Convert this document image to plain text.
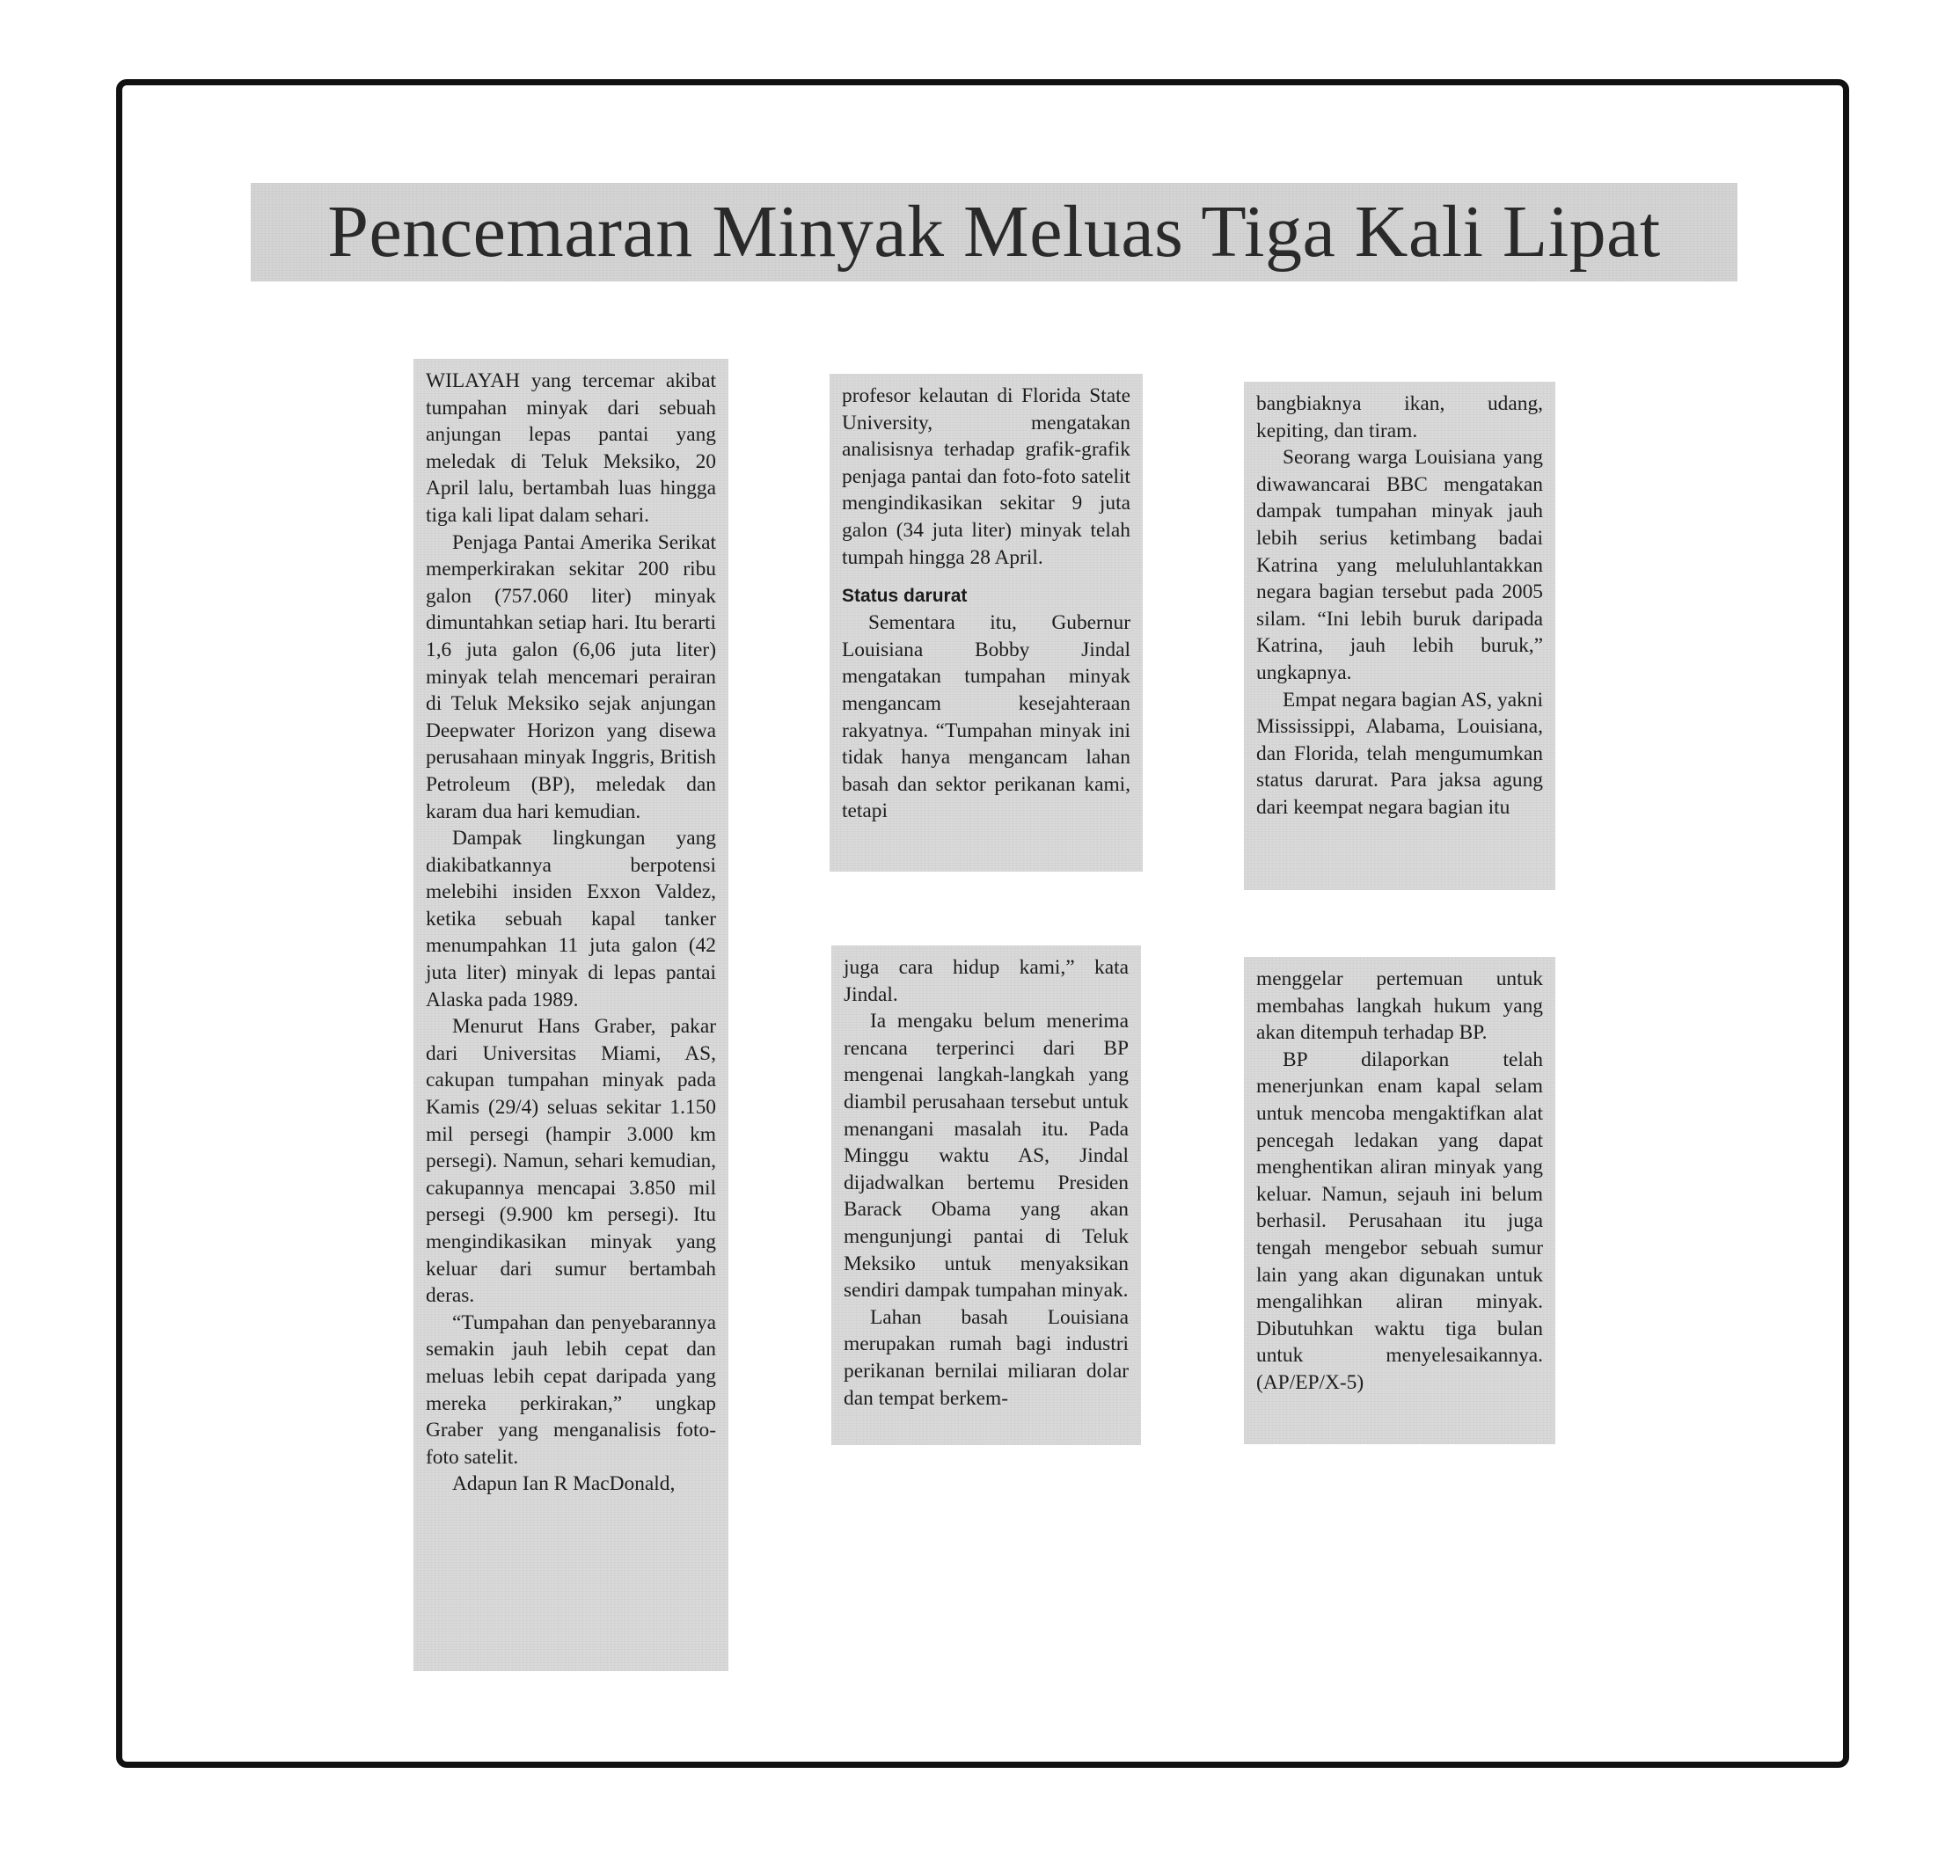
Pencemaran Minyak Meluas Tiga Kali Lipat

WILAYAH yang tercemar akibat tumpahan minyak dari sebuah anjungan lepas pantai yang meledak di Teluk Meksiko, 20 April lalu, bertambah luas hingga tiga kali lipat dalam sehari.

Penjaga Pantai Amerika Serikat memperkirakan sekitar 200 ribu galon (757.060 liter) minyak dimuntahkan setiap hari. Itu berarti 1,6 juta galon (6,06 juta liter) minyak telah mencemari perairan di Teluk Meksiko sejak anjungan Deepwater Horizon yang disewa perusahaan minyak Inggris, British Petroleum (BP), meledak dan karam dua hari kemudian.

Dampak lingkungan yang diakibatkannya berpotensi melebihi insiden Exxon Valdez, ketika sebuah kapal tanker menumpahkan 11 juta galon (42 juta liter) minyak di lepas pantai Alaska pada 1989.

Menurut Hans Graber, pakar dari Universitas Miami, AS, cakupan tumpahan minyak pada Kamis (29/4) seluas sekitar 1.150 mil persegi (hampir 3.000 km persegi). Namun, sehari kemudian, cakupannya mencapai 3.850 mil persegi (9.900 km persegi). Itu mengindikasikan minyak yang keluar dari sumur bertambah deras.

“Tumpahan dan penyebarannya semakin jauh lebih cepat dan meluas lebih cepat daripada yang mereka perkirakan,” ungkap Graber yang menganalisis foto-foto satelit.

Adapun Ian R MacDonald,

profesor kelautan di Florida State University, mengatakan analisisnya terhadap grafik-grafik penjaga pantai dan foto-foto satelit mengindikasikan sekitar 9 juta galon (34 juta liter) minyak telah tumpah hingga 28 April.

Status darurat

Sementara itu, Gubernur Louisiana Bobby Jindal mengatakan tumpahan minyak mengancam kesejahteraan rakyatnya. “Tumpahan minyak ini tidak hanya mengancam lahan basah dan sektor perikanan kami, tetapi

juga cara hidup kami,” kata Jindal.

Ia mengaku belum menerima rencana terperinci dari BP mengenai langkah-langkah yang diambil perusahaan tersebut untuk menangani masalah itu. Pada Minggu waktu AS, Jindal dijadwalkan bertemu Presiden Barack Obama yang akan mengunjungi pantai di Teluk Meksiko untuk menyaksikan sendiri dampak tumpahan minyak.

Lahan basah Louisiana merupakan rumah bagi industri perikanan bernilai miliaran dolar dan tempat berkem-

bangbiaknya ikan, udang, kepiting, dan tiram.

Seorang warga Louisiana yang diwawancarai BBC mengatakan dampak tumpahan minyak jauh lebih serius ketimbang badai Katrina yang meluluhlantakkan negara bagian tersebut pada 2005 silam. “Ini lebih buruk daripada Katrina, jauh lebih buruk,” ungkapnya.

Empat negara bagian AS, yakni Mississippi, Alabama, Louisiana, dan Florida, telah mengumumkan status darurat. Para jaksa agung dari keempat negara bagian itu

menggelar pertemuan untuk membahas langkah hukum yang akan ditempuh terhadap BP.

BP dilaporkan telah menerjunkan enam kapal selam untuk mencoba mengaktifkan alat pencegah ledakan yang dapat menghentikan aliran minyak yang keluar. Namun, sejauh ini belum berhasil. Perusahaan itu juga tengah mengebor sebuah sumur lain yang akan digunakan untuk mengalihkan aliran minyak. Dibutuhkan waktu tiga bulan untuk menyelesaikannya. (AP/EP/X-5)
